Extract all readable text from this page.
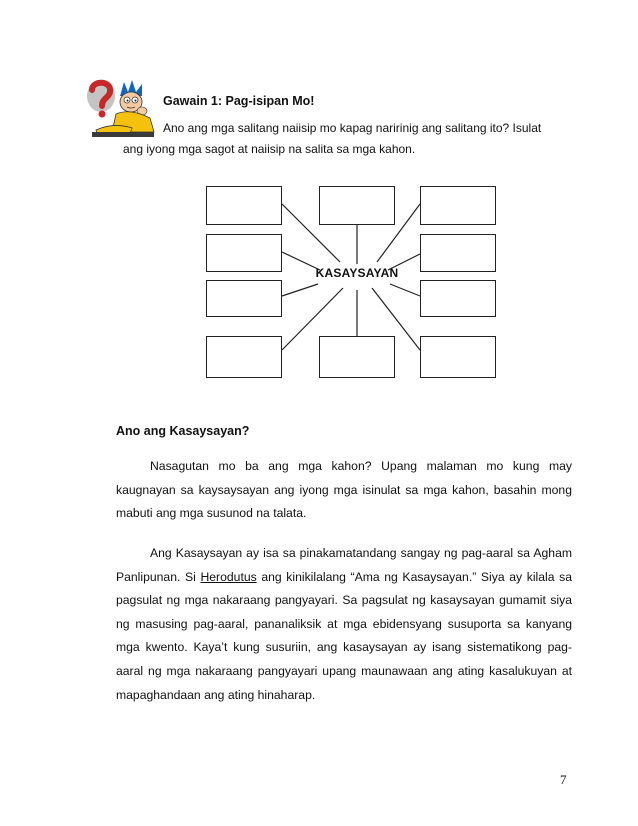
Gawain 1: Pag-isipan Mo!
Ano ang mga salitang naiisip mo kapag naririnig ang salitang ito? Isulat
ang iyong mga sagot at naiisip na salita sa mga kahon.
KASAYSAYAN
Ano ang Kasaysayan?
Nasagutan mo ba ang mga kahon? Upang malaman mo kung may kaugnayan sa kaysaysayan ang iyong mga isinulat sa mga kahon, basahin mong mabuti ang mga susunod na talata.
Ang Kasaysayan ay isa sa pinakamatandang sangay ng pag-aaral sa Agham Panlipunan. Si Herodutus ang kinikilalang “Ama ng Kasaysayan.” Siya ay kilala sa pagsulat ng mga nakaraang pangyayari. Sa pagsulat ng kasaysayan gumamit siya ng masusing pag-aaral, pananaliksik at mga ebidensyang susuporta sa kanyang mga kwento. Kaya’t kung susuriin, ang kasaysayan ay isang sistematikong pag-aaral ng mga nakaraang pangyayari upang maunawaan ang ating kasalukuyan at mapaghandaan ang ating hinaharap.
7
